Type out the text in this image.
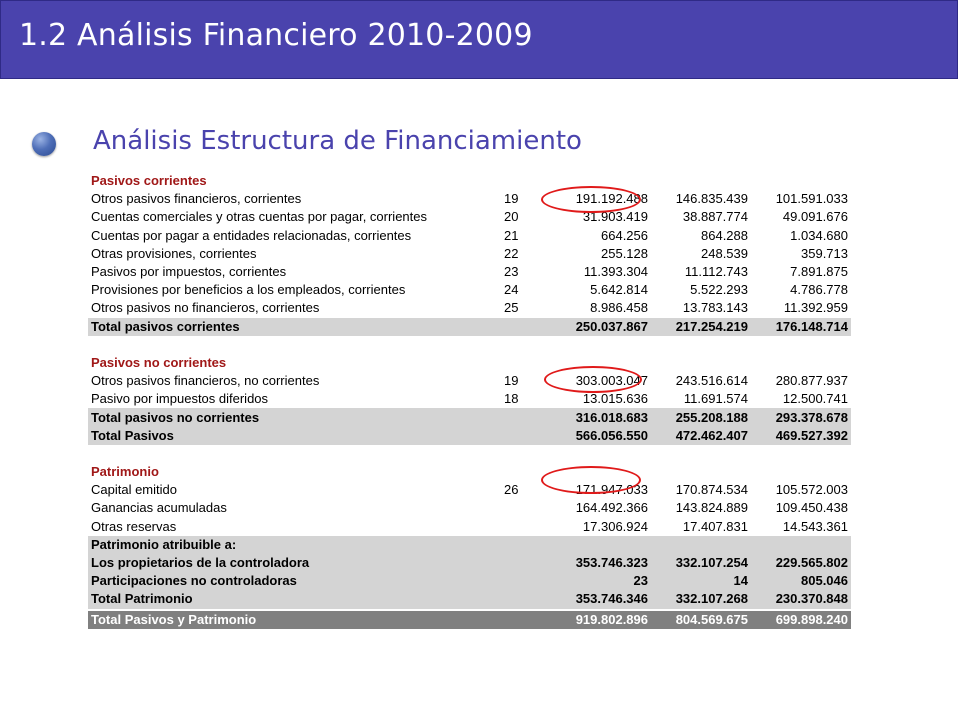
1.2 Análisis Financiero 2010-2009
Análisis Estructura de Financiamiento
Pasivos corrientes				
Otros pasivos financieros, corrientes	19	191.192.488	146.835.439	101.591.033
Cuentas comerciales y otras cuentas por pagar, corrientes	20	31.903.419	38.887.774	49.091.676
Cuentas por pagar a entidades relacionadas, corrientes	21	664.256	864.288	1.034.680
Otras provisiones, corrientes	22	255.128	248.539	359.713
Pasivos por impuestos, corrientes	23	11.393.304	11.112.743	7.891.875
Provisiones por beneficios a los empleados, corrientes	24	5.642.814	5.522.293	4.786.778
Otros pasivos no financieros, corrientes	25	8.986.458	13.783.143	11.392.959
Total pasivos corrientes		250.037.867	217.254.219	176.148.714

Pasivos no corrientes				
Otros pasivos financieros, no corrientes	19	303.003.047	243.516.614	280.877.937
Pasivo por impuestos diferidos	18	13.015.636	11.691.574	12.500.741
Total pasivos no corrientes		316.018.683	255.208.188	293.378.678
Total Pasivos		566.056.550	472.462.407	469.527.392

Patrimonio				
Capital emitido	26	171.947.033	170.874.534	105.572.003
Ganancias acumuladas		164.492.366	143.824.889	109.450.438
Otras reservas		17.306.924	17.407.831	14.543.361
Patrimonio atribuible a:				
Los propietarios de la controladora		353.746.323	332.107.254	229.565.802
Participaciones no controladoras		23	14	805.046
Total Patrimonio		353.746.346	332.107.268	230.370.848

Total Pasivos y Patrimonio		919.802.896	804.569.675	699.898.240
